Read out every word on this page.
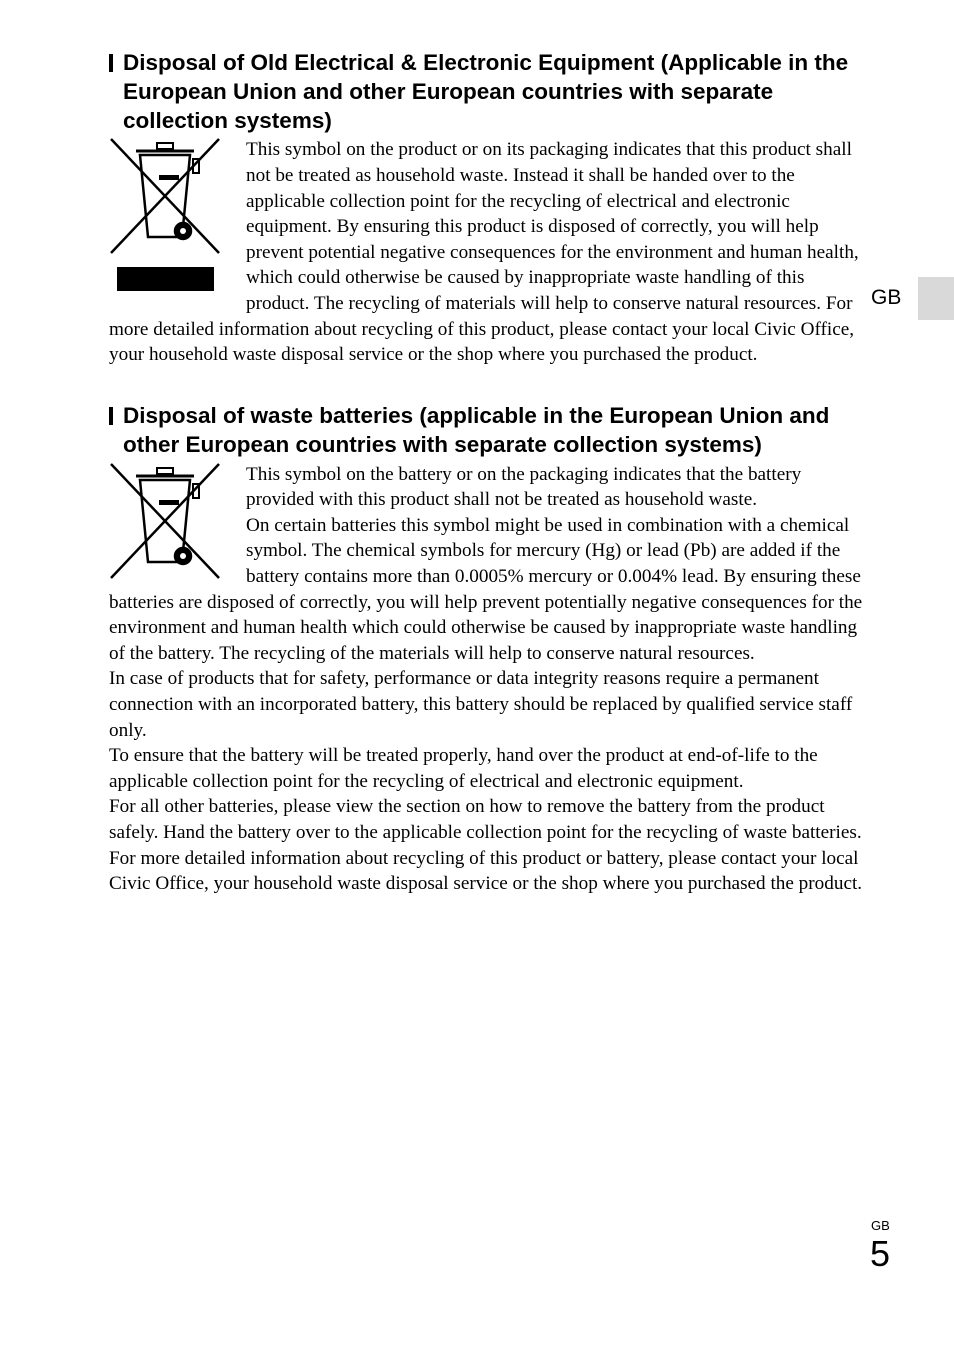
GB
Disposal of Old Electrical & Electronic Equipment (Applicable in the European Union and other European countries with separate collection systems)
This symbol on the product or on its packaging indicates that this product shall not be treated as household waste. Instead it shall be handed over to the applicable collection point for the recycling of electrical and electronic equipment. By ensuring this product is disposed of correctly, you will help prevent potential negative consequences for the environment and human health, which could otherwise be caused by inappropriate waste handling of this product. The recycling of materials will help to conserve natural resources. For more detailed information about recycling of this product, please contact your local Civic Office, your household waste disposal service or the shop where you purchased the product.
Disposal of waste batteries (applicable in the European Union and other European countries with separate collection systems)
This symbol on the battery or on the packaging indicates that the battery provided with this product shall not be treated as household waste.
On certain batteries this symbol might be used in combination with a chemical symbol. The chemical symbols for mercury (Hg) or lead (Pb) are added if the battery contains more than 0.0005% mercury or 0.004% lead. By ensuring these batteries are disposed of correctly, you will help prevent potentially negative consequences for the environment and human health which could otherwise be caused by inappropriate waste handling of the battery. The recycling of the materials will help to conserve natural resources.
In case of products that for safety, performance or data integrity reasons require a permanent connection with an incorporated battery, this battery should be replaced by qualified service staff only.
To ensure that the battery will be treated properly, hand over the product at end-of-life to the applicable collection point for the recycling of electrical and electronic equipment.
For all other batteries, please view the section on how to remove the battery from the product safely. Hand the battery over to the applicable collection point for the recycling of waste batteries.
For more detailed information about recycling of this product or battery, please contact your local Civic Office, your household waste disposal service or the shop where you purchased the product.
GB
5
